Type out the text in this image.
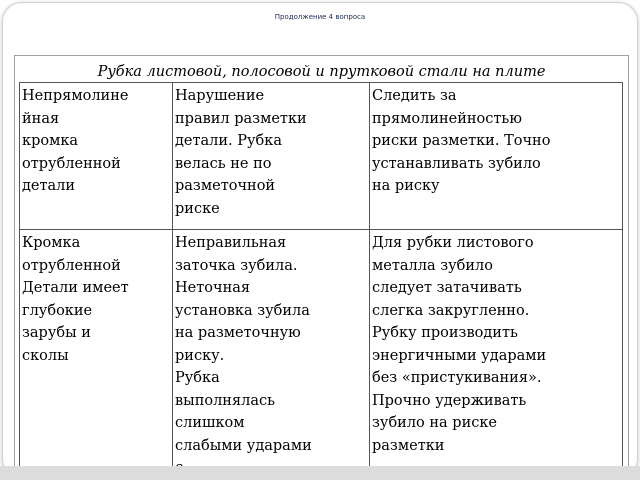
Продолжение 4 вопроса
Рубка листовой, полосовой и прутковой стали на плите
Непрямолине
йная
кромка
отрубленной
детали
Нарушение
правил разметки
детали. Рубка
велась не по
разметочной
риске
Следить за
прямолинейностью
риски разметки. Точно
устанавливать зубило
на риску
Кромка
отрубленной
Детали имеет
глубокие
зарубы и
сколы
Неправильная
заточка зубила.
Неточная
установка зубила
на разметочную
риску.
Рубка
выполнялась
слишком
слабыми ударами

Для рубки листового
металла зубило
следует затачивать
слегка закругленно.
Рубку производить
энергичными ударами
без «пристукивания».
Прочно удерживать
зубило на риске
разметки
